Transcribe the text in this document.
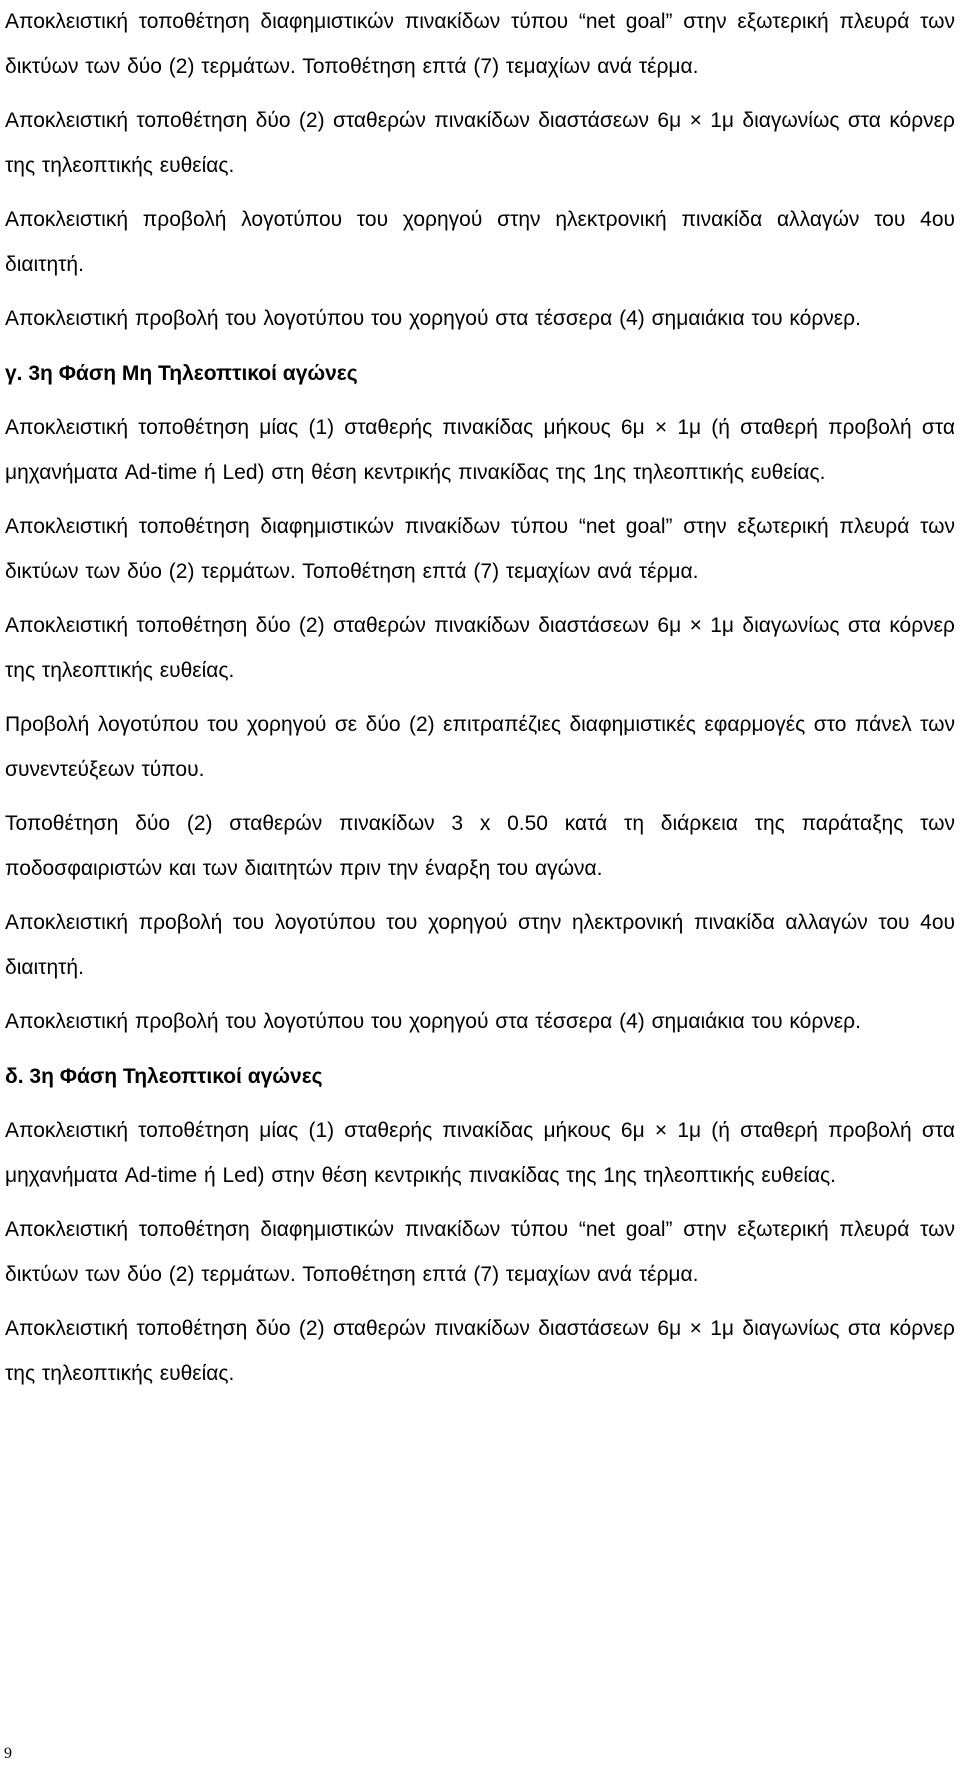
Αποκλειστική τοποθέτηση διαφημιστικών πινακίδων τύπου “net goal” στην εξωτερική πλευρά των δικτύων των δύο (2) τερμάτων. Τοποθέτηση επτά (7) τεμαχίων ανά τέρμα.

Αποκλειστική τοποθέτηση δύο (2) σταθερών πινακίδων διαστάσεων 6μ × 1μ διαγωνίως στα κόρνερ της τηλεοπτικής ευθείας.

Αποκλειστική προβολή λογοτύπου του χορηγού στην ηλεκτρονική πινακίδα αλλαγών του 4ου διαιτητή.

Αποκλειστική προβολή του λογοτύπου του χορηγού στα τέσσερα (4) σημαιάκια του κόρνερ.

γ. 3η Φάση Μη Τηλεοπτικοί αγώνες

Αποκλειστική τοποθέτηση μίας (1) σταθερής πινακίδας μήκους 6μ × 1μ (ή σταθερή προβολή στα μηχανήματα Ad-time ή Led) στη θέση κεντρικής πινακίδας της 1ης τηλεοπτικής ευθείας.

Αποκλειστική τοποθέτηση διαφημιστικών πινακίδων τύπου “net goal” στην εξωτερική πλευρά των δικτύων των δύο (2) τερμάτων. Τοποθέτηση επτά (7) τεμαχίων ανά τέρμα.

Αποκλειστική τοποθέτηση δύο (2) σταθερών πινακίδων διαστάσεων 6μ × 1μ διαγωνίως στα κόρνερ της τηλεοπτικής ευθείας.

Προβολή λογοτύπου του χορηγού σε δύο (2) επιτραπέζιες διαφημιστικές εφαρμογές στο πάνελ των συνεντεύξεων τύπου.

Τοποθέτηση δύο (2) σταθερών πινακίδων 3 x 0.50 κατά τη διάρκεια της παράταξης των ποδοσφαιριστών και των διαιτητών πριν την έναρξη του αγώνα.

Αποκλειστική προβολή του λογοτύπου του χορηγού στην ηλεκτρονική πινακίδα αλλαγών του 4ου διαιτητή.

Αποκλειστική προβολή του λογοτύπου του χορηγού στα τέσσερα (4) σημαιάκια του κόρνερ.

δ. 3η Φάση Τηλεοπτικοί αγώνες

Αποκλειστική τοποθέτηση μίας (1) σταθερής πινακίδας μήκους 6μ × 1μ (ή σταθερή προβολή στα μηχανήματα Ad-time ή Led) στην θέση κεντρικής πινακίδας της 1ης τηλεοπτικής ευθείας.

Αποκλειστική τοποθέτηση διαφημιστικών πινακίδων τύπου “net goal” στην εξωτερική πλευρά των δικτύων των δύο (2) τερμάτων. Τοποθέτηση επτά (7) τεμαχίων ανά τέρμα.

Αποκλειστική τοποθέτηση δύο (2) σταθερών πινακίδων διαστάσεων 6μ × 1μ διαγωνίως στα κόρνερ της τηλεοπτικής ευθείας.

9
